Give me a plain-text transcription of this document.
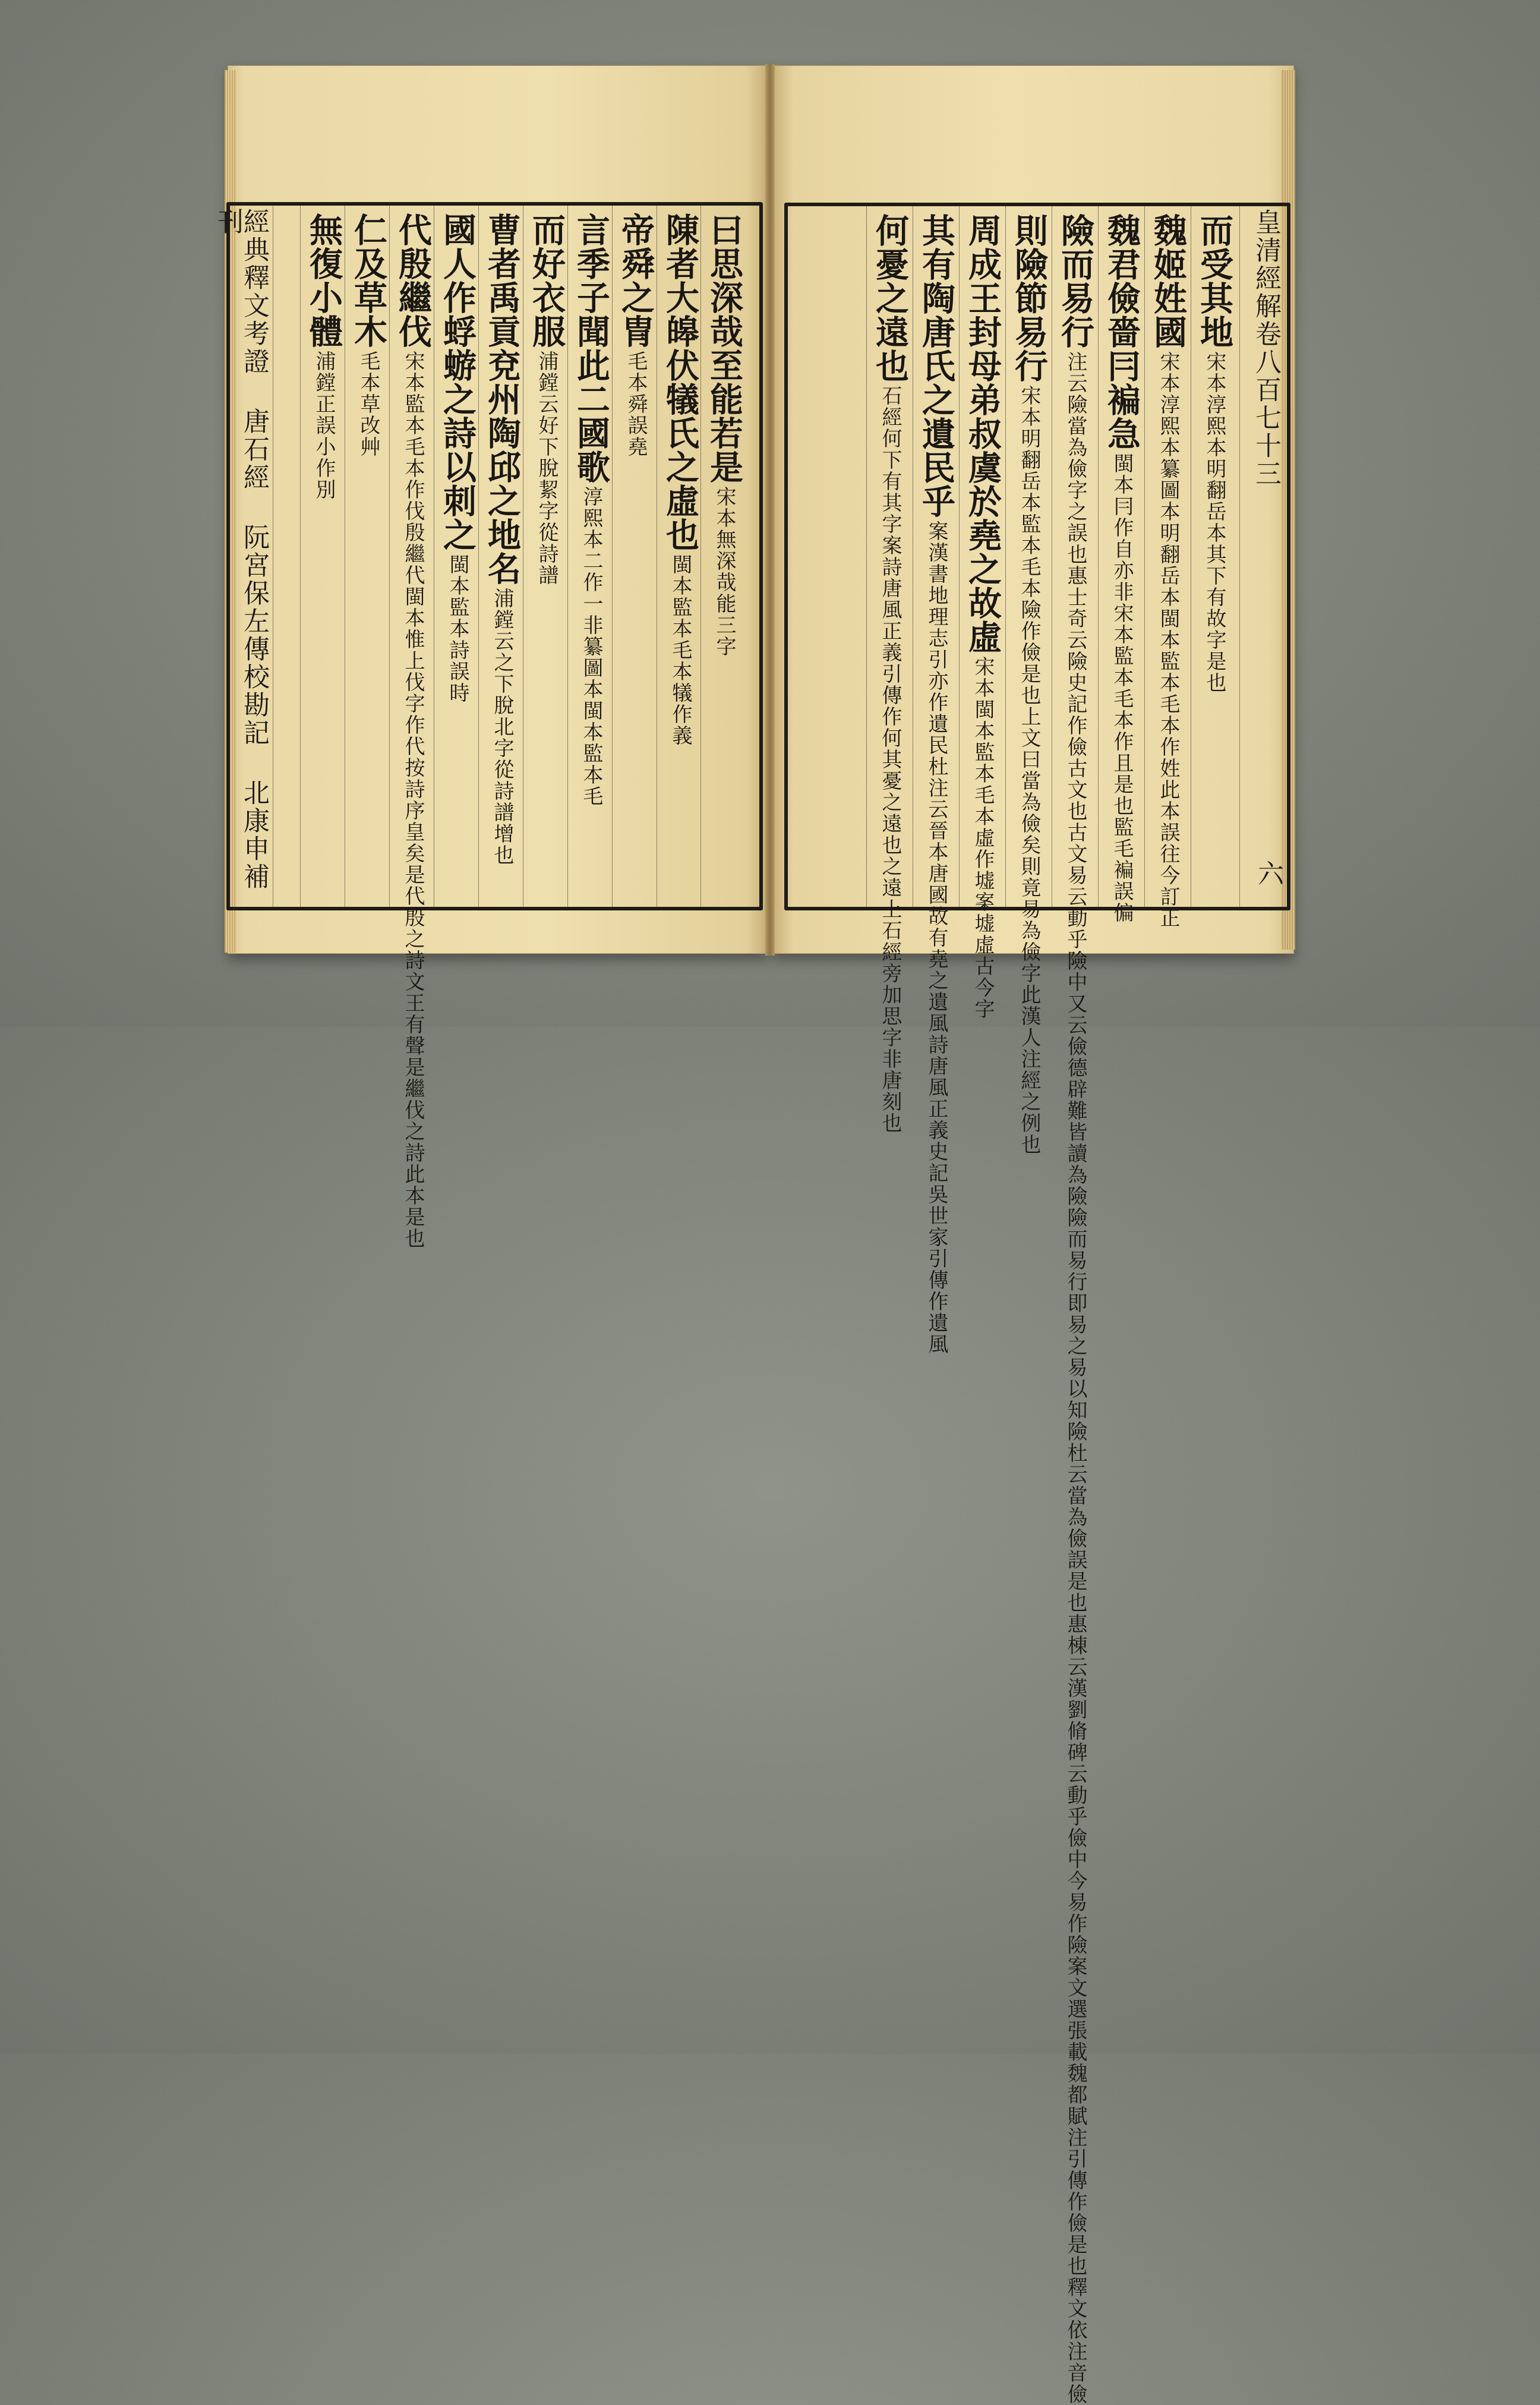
經典釋文考證 唐石經 阮宮保左傳校勘記 北康申補刊	曰思深哉至能若是宋本無深哉能三字
陳者大皞伏犠氏之虛也閩本監本毛本犠作義
帝舜之冑毛本舜誤堯
言季子聞此二國歌淳熙本二作一非纂圖本閩本監本毛
而好衣服浦鏜云好下脫絜字從詩譜
曹者禹貢兗州陶邱之地名浦鏜云之下脫北字從詩譜增也
國人作蜉蝣之詩以刺之閩本監本詩誤時
代殷繼伐宋本監本毛本作伐殷繼代閩本惟上伐字作代按詩序皇矣是代殷之詩文王有聲是繼伐之詩此本是也
仁及草木毛本草改艸
無復小體浦鏜正誤小作別	皇清經解卷八百七十三
六
而受其地宋本淳熙本明翻岳本其下有故字是也
魏姬姓國宋本淳熙本纂圖本明翻岳本閩本監本毛本作姓此本誤往今訂正
魏君儉嗇冃褊急閩本冃作自亦非宋本監本毛本作且是也監毛褊誤偏
險而易行注云險當為儉字之誤也惠士奇云險史記作儉古文也古文易云動乎險中又云儉德辟難皆讀為險險而易行即易之易以知險杜云當為儉誤是也惠棟云漢劉脩碑云動乎儉中今易作險案文選張載魏都賦注引傳作儉是也釋文依注音儉
則險節易行宋本明翻岳本監本毛本險作儉是也上文曰當為儉矣則竟易為儉字此漢人注經之例也
周成王封母弟叔虞於堯之故虛宋本閩本監本毛本虛作墟案墟虛古今字
其有陶唐氏之遺民乎案漢書地理志引亦作遺民杜注云晉本唐國故有堯之遺風詩唐風正義史記吳世家引傳作遺風
何憂之遠也石經何下有其字案詩唐風正義引傳作何其憂之遠也之遠上石經旁加思字非唐刻也
